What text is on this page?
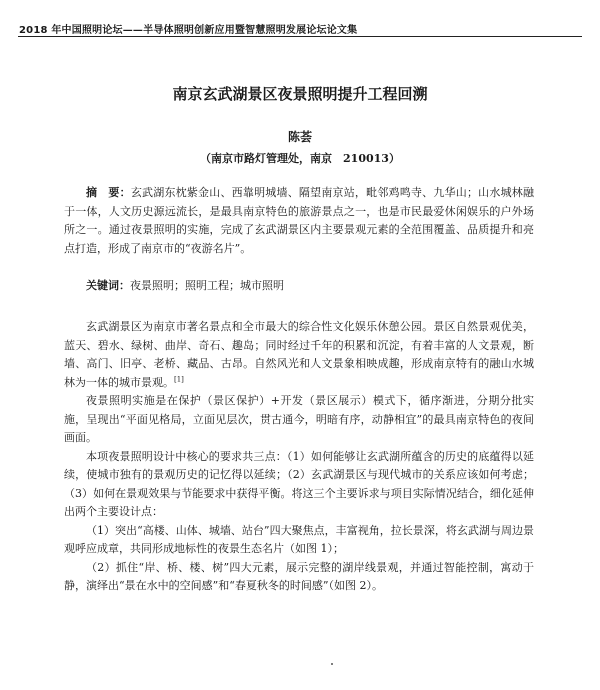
2018 年中国照明论坛——半导体照明创新应用暨智慧照明发展论坛论文集
南京玄武湖景区夜景照明提升工程回溯
陈荟
（南京市路灯管理处，南京　210013）

摘　要：玄武湖东枕紫金山、西靠明城墙、隔望南京站，毗邻鸡鸣寺、九华山；山水城林融于一体，人文历史源远流长，是最具南京特色的旅游景点之一，也是市民最爱休闲娱乐的户外场所之一。通过夜景照明的实施，完成了玄武湖景区内主要景观元素的全范围覆盖、品质提升和亮点打造，形成了南京市的“夜游名片”。

关键词：夜景照明；照明工程；城市照明

玄武湖景区为南京市著名景点和全市最大的综合性文化娱乐休憩公园。景区自然景观优美，蓝天、碧水、绿树、曲岸、奇石、趣岛；同时经过千年的积累和沉淀，有着丰富的人文景观，断墙、高门、旧亭、老桥、藏品、古昂。自然风光和人文景象相映成趣，形成南京特有的融山水城林为一体的城市景观。[1]

夜景照明实施是在保护（景区保护）+开发（景区展示）模式下，循序渐进，分期分批实施，呈现出“平面见格局，立面见层次，贯古通今，明暗有序，动静相宜”的最具南京特色的夜间画面。

本项夜景照明设计中核心的要求共三点：（1）如何能够让玄武湖所蕴含的历史的底蕴得以延续，使城市独有的景观历史的记忆得以延续；（2）玄武湖景区与现代城市的关系应该如何考虑；（3）如何在景观效果与节能要求中获得平衡。将这三个主要诉求与项目实际情况结合，细化延伸出两个主要设计点：

（1）突出“高楼、山体、城墙、站台”四大聚焦点，丰富视角，拉长景深，将玄武湖与周边景观呼应成章，共同形成地标性的夜景生态名片（如图 1）；

（2）抓住“岸、桥、楼、树”四大元素，展示完整的湖岸线景观，并通过智能控制，寓动于静，演绎出“景在水中的空间感”和“春夏秋冬的时间感”（如图 2）。
